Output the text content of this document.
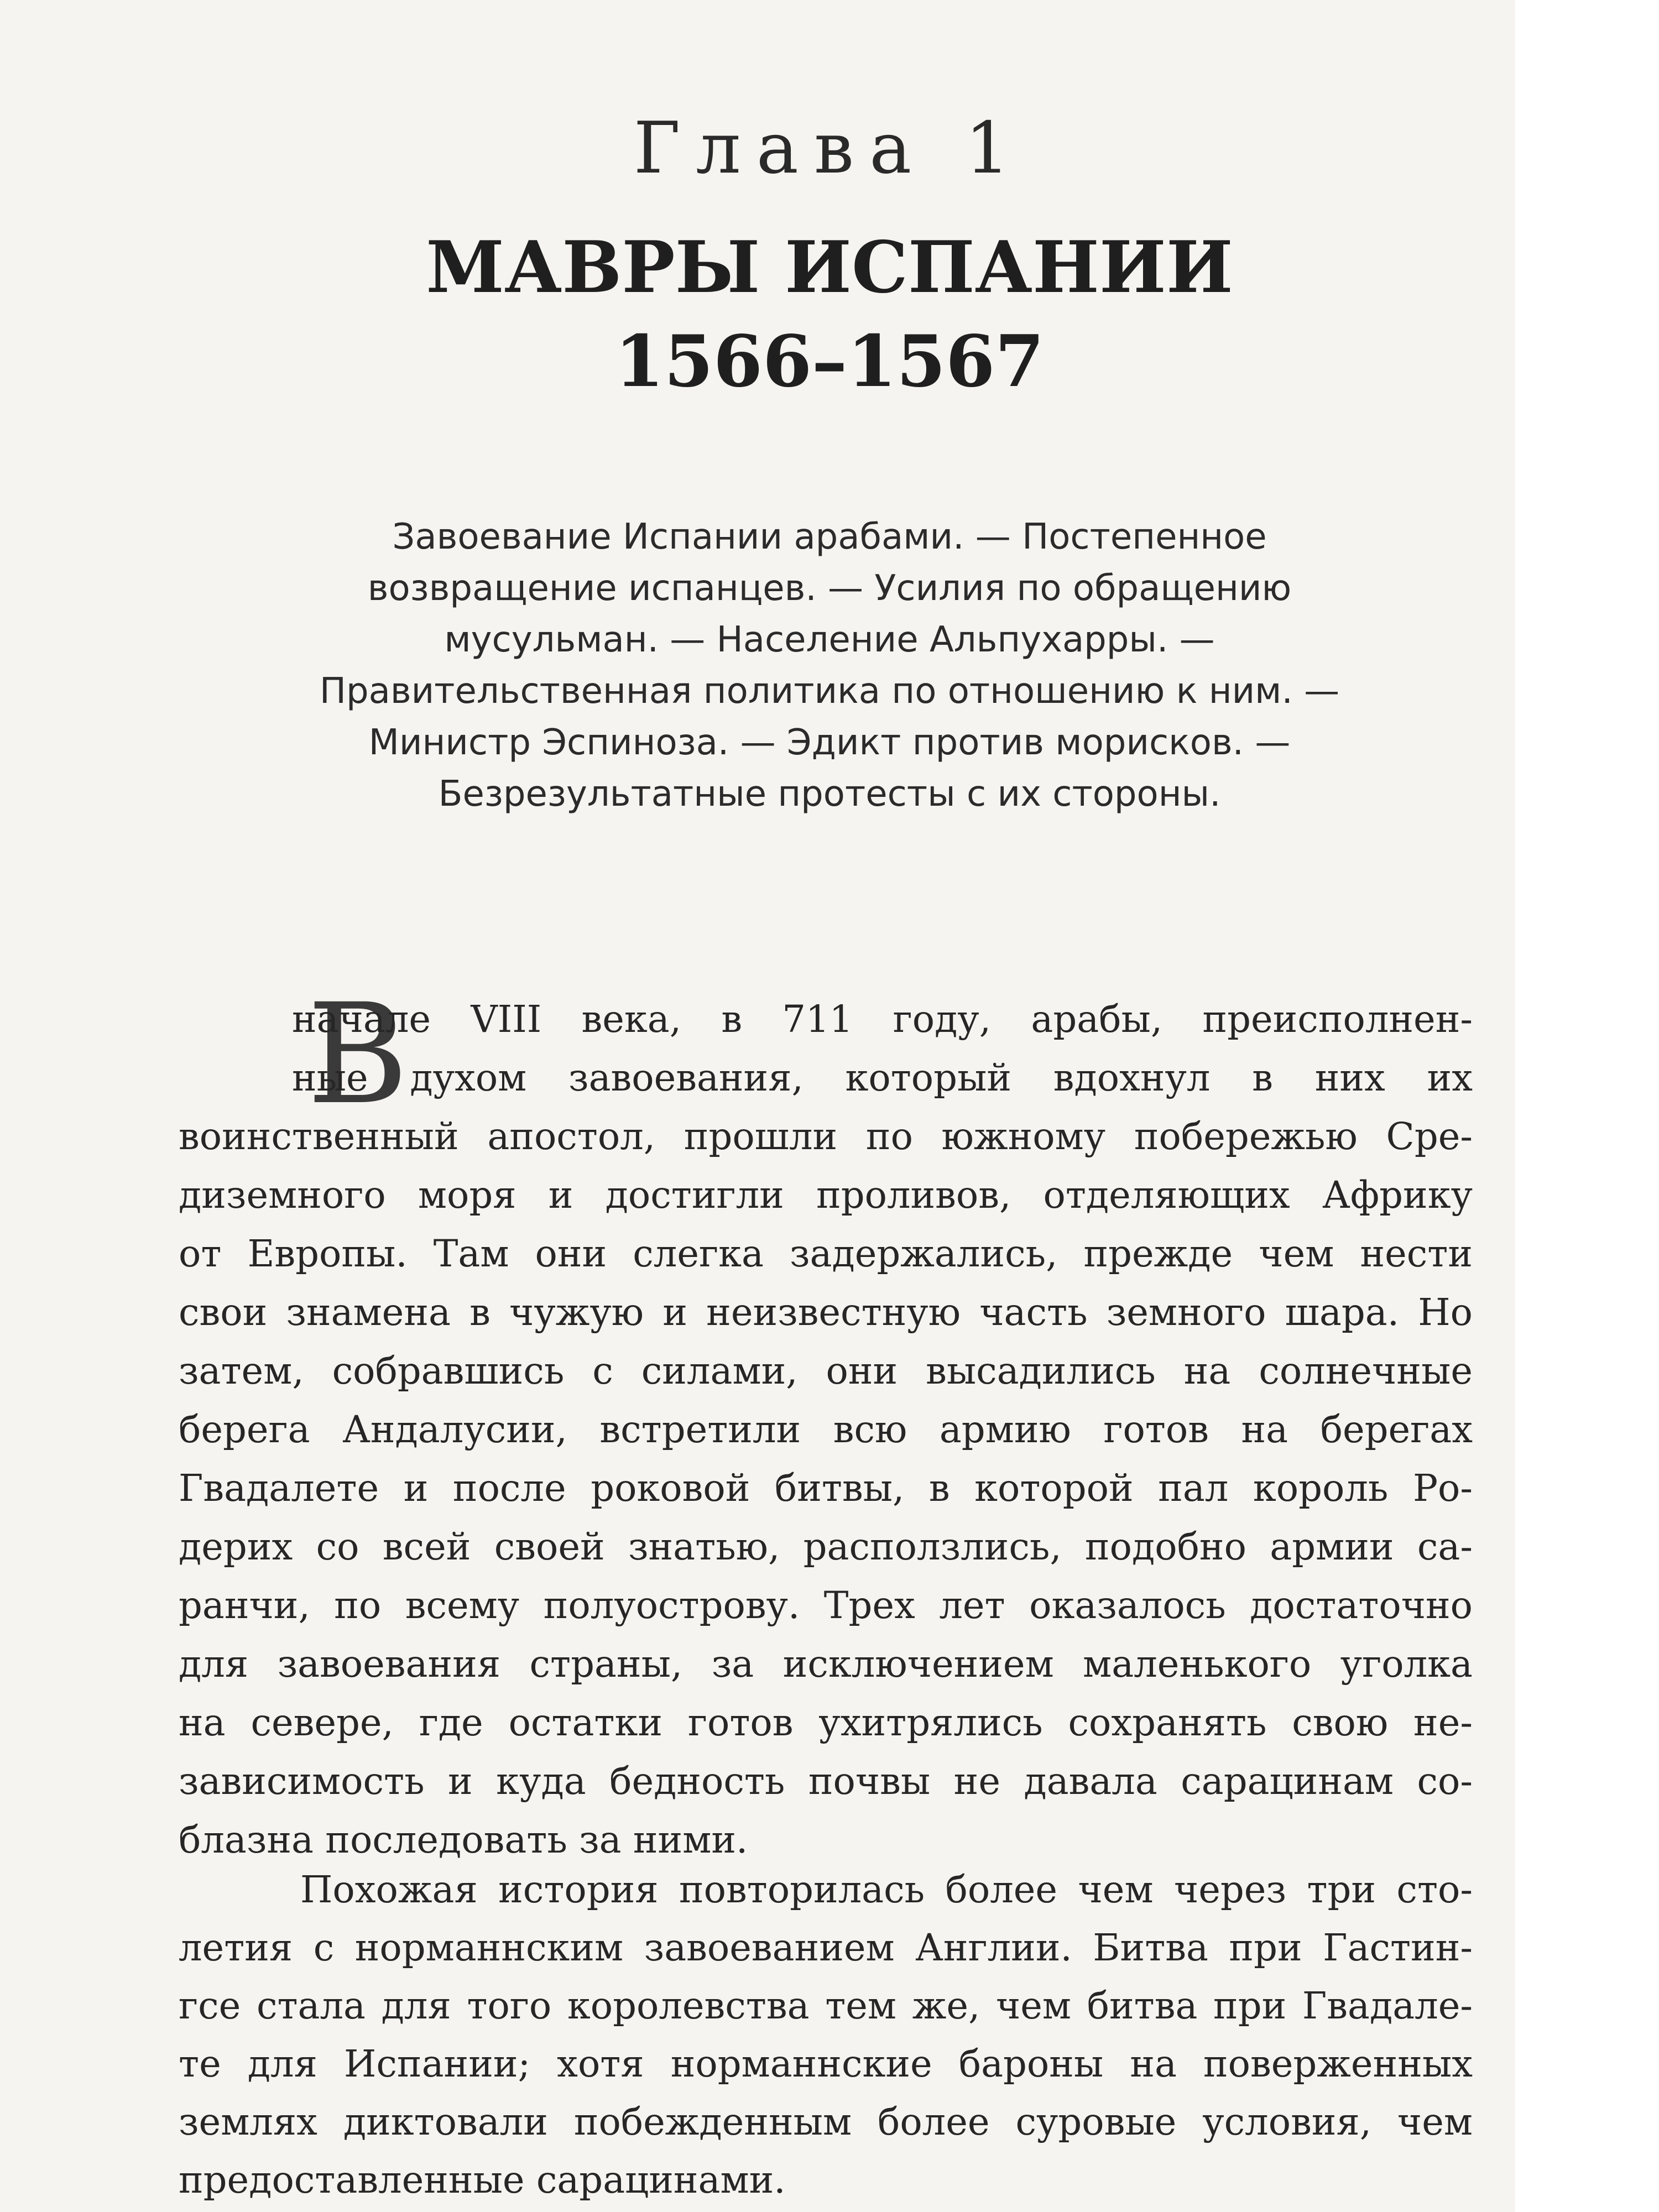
Глава 1
МАВРЫ ИСПАНИИ
1566–1567
Завоевание Испании арабами. — Постепенное
возвращение испанцев. — Усилия по обращению
мусульман. — Население Альпухарры. —
Правительственная политика по отношению к ним. —
Министр Эспиноза. — Эдикт против морисков. —
Безрезультатные протесты с их стороны.
В
начале VIII века, в 711 году, арабы, преисполнен-
ные духом завоевания, который вдохнул в них их
воинственный апостол, прошли по южному побережью Сре-
диземного моря и достигли проливов, отделяющих Африку
от Европы. Там они слегка задержались, прежде чем нести
свои знамена в чужую и неизвестную часть земного шара. Но
затем, собравшись с силами, они высадились на солнечные
берега Андалусии, встретили всю армию готов на берегах
Гвадалете и после роковой битвы, в которой пал король Ро-
дерих со всей своей знатью, расползлись, подобно армии са-
ранчи, по всему полуострову. Трех лет оказалось достаточно
для завоевания страны, за исключением маленького уголка
на севере, где остатки готов ухитрялись сохранять свою не-
зависимость и куда бедность почвы не давала сарацинам со-
блазна последовать за ними.
Похожая история повторилась более чем через три сто-
летия с норманнским завоеванием Англии. Битва при Гастин-
гсе стала для того королевства тем же, чем битва при Гвадале-
те для Испании; хотя норманнские бароны на поверженных
землях диктовали побежденным более суровые условия, чем
предоставленные сарацинами.
